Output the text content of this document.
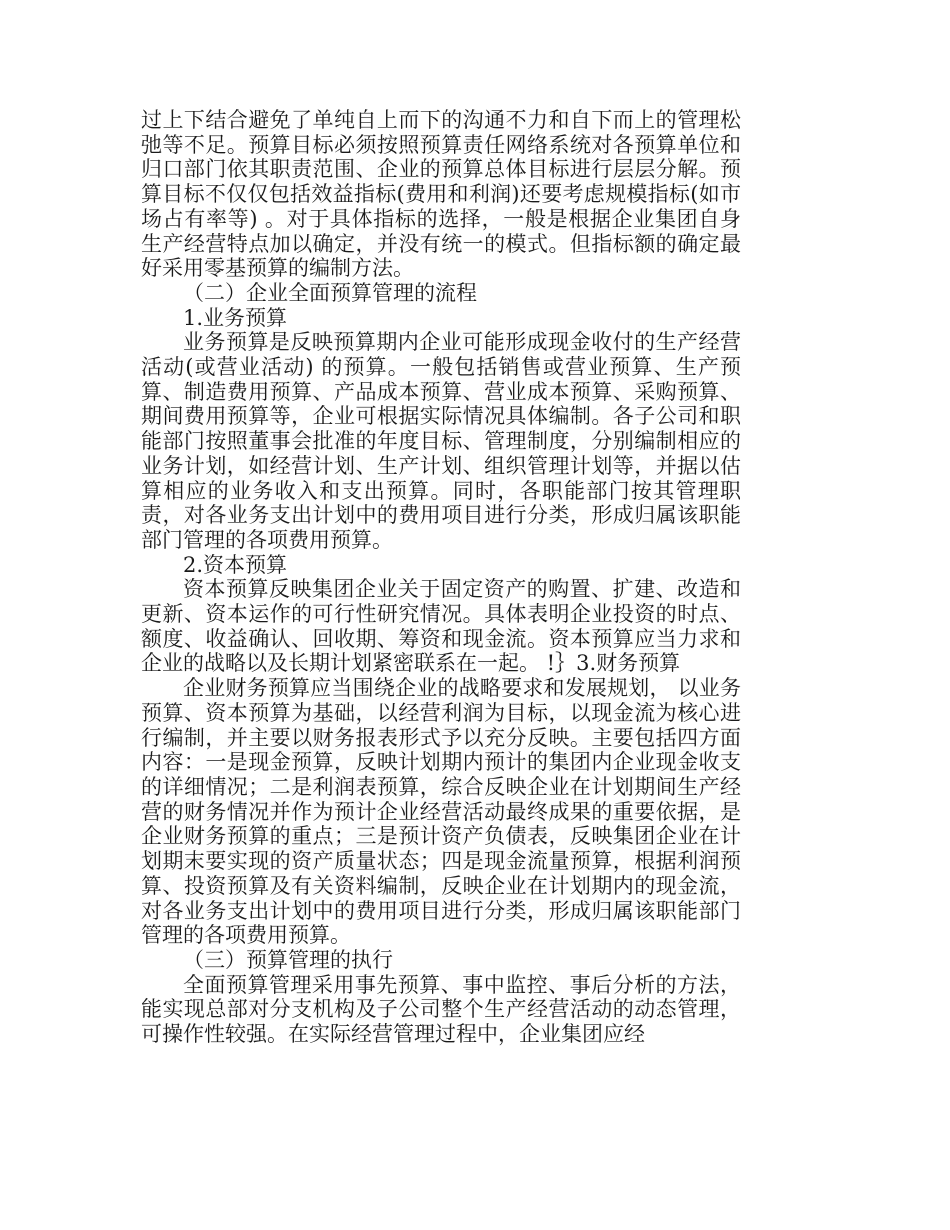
过上下结合避免了单纯自上而下的沟通不力和自下而上的管理松弛等不足。预算目标必须按照预算责任网络系统对各预算单位和归口部门依其职责范围、企业的预算总体目标进行层层分解。预算目标不仅仅包括效益指标(费用和利润)还要考虑规模指标(如市场占有率等) 。对于具体指标的选择，一般是根据企业集团自身生产经营特点加以确定，并没有统一的模式。但指标额的确定最好采用零基预算的编制方法。

（二）企业全面预算管理的流程

1.业务预算

业务预算是反映预算期内企业可能形成现金收付的生产经营活动(或营业活动) 的预算。一般包括销售或营业预算、生产预算、制造费用预算、产品成本预算、营业成本预算、采购预算、期间费用预算等，企业可根据实际情况具体编制。各子公司和职能部门按照董事会批准的年度目标、管理制度，分别编制相应的业务计划，如经营计划、生产计划、组织管理计划等，并据以估算相应的业务收入和支出预算。同时，各职能部门按其管理职责，对各业务支出计划中的费用项目进行分类，形成归属该职能部门管理的各项费用预算。

2.资本预算

资本预算反映集团企业关于固定资产的购置、扩建、改造和更新、资本运作的可行性研究情况。具体表明企业投资的时点、额度、收益确认、回收期、筹资和现金流。资本预算应当力求和企业的战略以及长期计划紧密联系在一起。 !｝3.财务预算

企业财务预算应当围绕企业的战略要求和发展规划， 以业务预算、资本预算为基础，以经营利润为目标，以现金流为核心进行编制，并主要以财务报表形式予以充分反映。主要包括四方面内容：一是现金预算，反映计划期内预计的集团内企业现金收支的详细情况；二是利润表预算，综合反映企业在计划期间生产经营的财务情况并作为预计企业经营活动最终成果的重要依据，是企业财务预算的重点；三是预计资产负债表，反映集团企业在计划期末要实现的资产质量状态；四是现金流量预算，根据利润预算、投资预算及有关资料编制，反映企业在计划期内的现金流，对各业务支出计划中的费用项目进行分类，形成归属该职能部门管理的各项费用预算。

（三）预算管理的执行

全面预算管理采用事先预算、事中监控、事后分析的方法，能实现总部对分支机构及子公司整个生产经营活动的动态管理，可操作性较强。在实际经营管理过程中，企业集团应经
